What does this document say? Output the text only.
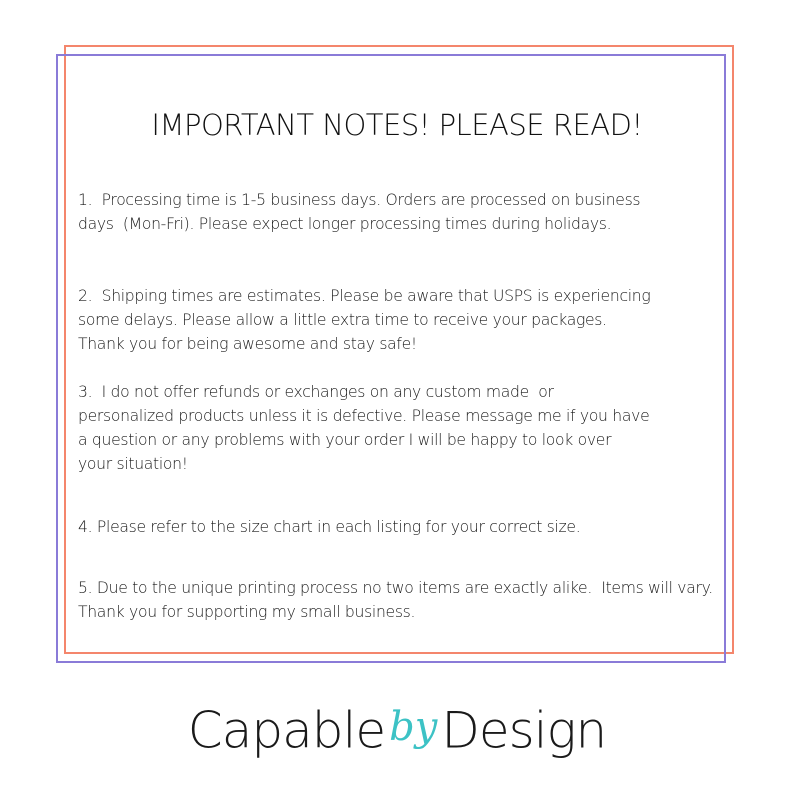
IMPORTANT NOTES! PLEASE READ!
1.  Processing time is 1-5 business days. Orders are processed on business
days  (Mon-Fri). Please expect longer processing times during holidays.
2.  Shipping times are estimates. Please be aware that USPS is experiencing
some delays. Please allow a little extra time to receive your packages.
Thank you for being awesome and stay safe!
3.  I do not offer refunds or exchanges on any custom made  or
personalized products unless it is defective. Please message me if you have
a question or any problems with your order I will be happy to look over
your situation!
4. Please refer to the size chart in each listing for your correct size.
5. Due to the unique printing process no two items are exactly alike.  Items will vary.
Thank you for supporting my small business.
Capable byDesign
